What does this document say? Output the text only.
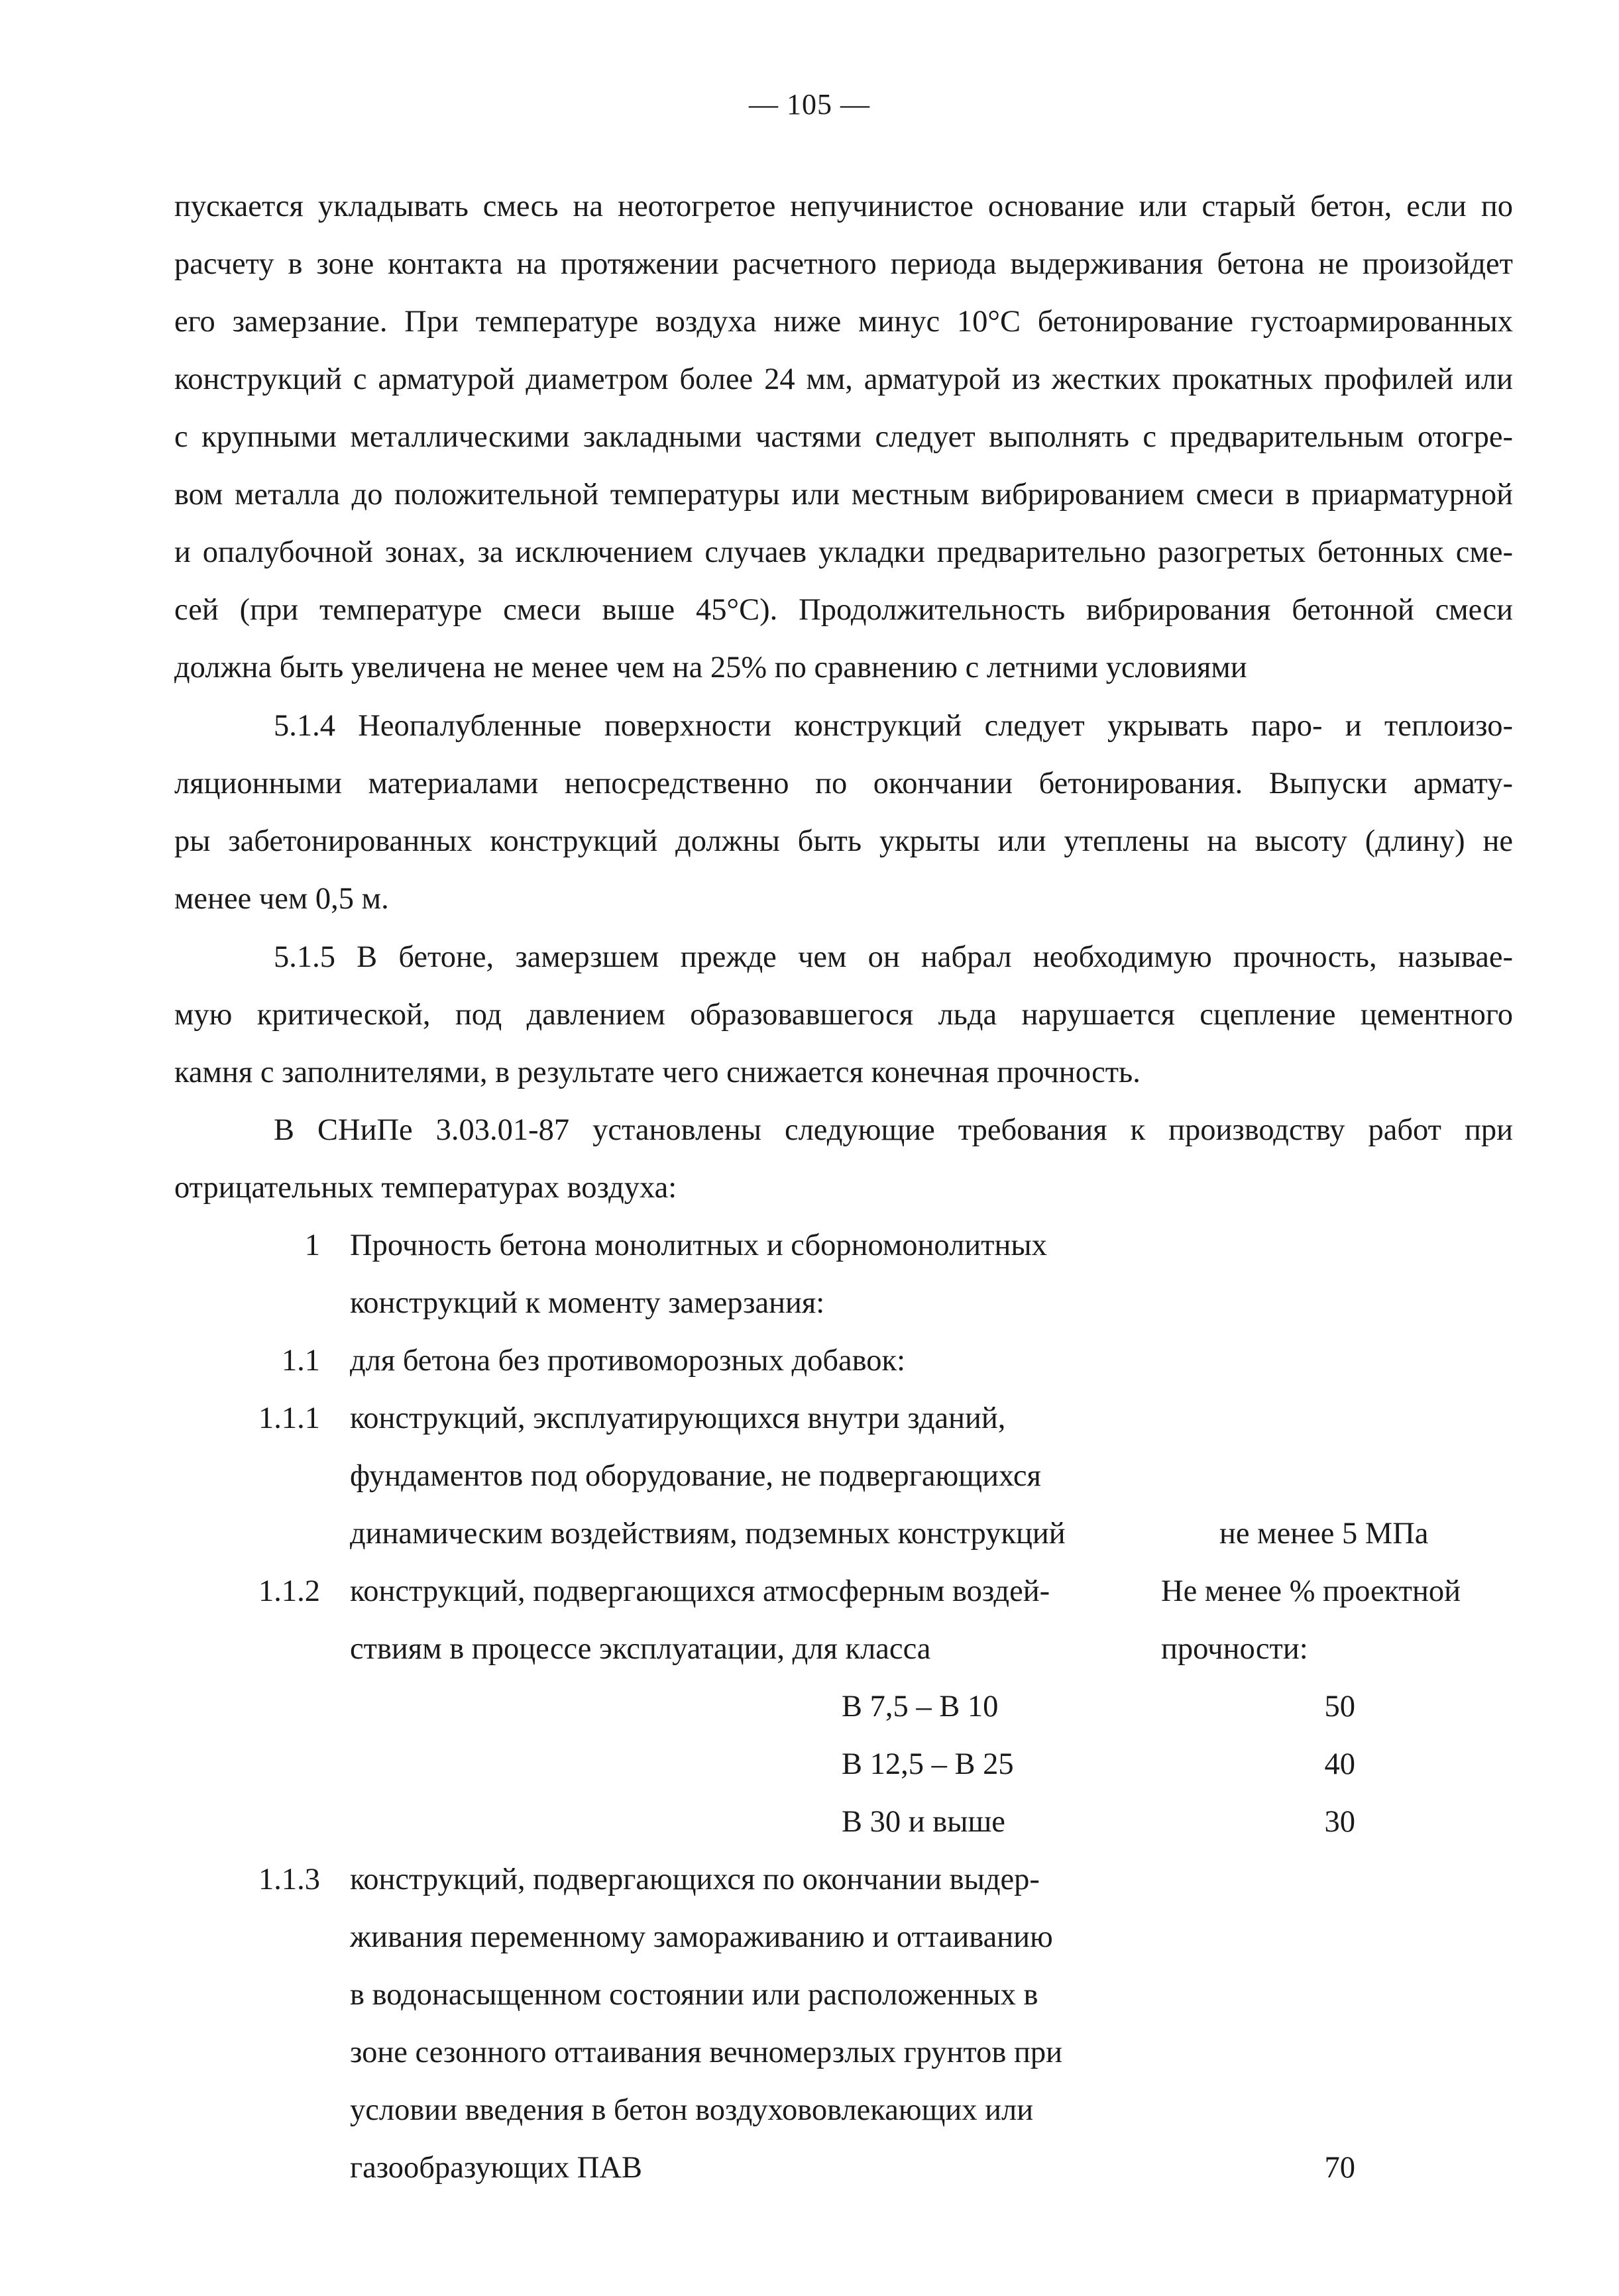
— 105 —
пускается укладывать смесь на неотогретое непучинистое основание или старый бетон, если по
расчету в зоне контакта на протяжении расчетного периода выдерживания бетона не произойдет
его замерзание. При температуре воздуха ниже минус 10°С бетонирование густоармированных
конструкций с арматурой диаметром более 24 мм, арматурой из жестких прокатных профилей или
с крупными металлическими закладными частями следует выполнять с предварительным отогре-
вом металла до положительной температуры или местным вибрированием смеси в приарматурной
и опалубочной зонах, за исключением случаев укладки предварительно разогретых бетонных сме-
сей (при температуре смеси выше 45°С). Продолжительность вибрирования бетонной смеси
должна быть увеличена не менее чем на 25% по сравнению с летними условиями
5.1.4 Неопалубленные поверхности конструкций следует укрывать паро- и теплоизо-
ляционными материалами непосредственно по окончании бетонирования. Выпуски армату-
ры забетонированных конструкций должны быть укрыты или утеплены на высоту (длину) не
менее чем 0,5 м.
5.1.5 В бетоне, замерзшем прежде чем он набрал необходимую прочность, называе-
мую критической, под давлением образовавшегося льда нарушается сцепление цементного
камня с заполнителями, в результате чего снижается конечная прочность.
В СНиПе 3.03.01-87 установлены следующие требования к производству работ при
отрицательных температурах воздуха:
1 Прочность бетона монолитных и сборномонолитных
конструкций к моменту замерзания:
1.1 для бетона без противоморозных добавок:
1.1.1 конструкций, эксплуатирующихся внутри зданий,
фундаментов под оборудование, не подвергающихся
динамическим воздействиям, подземных конструкций	не менее 5 МПа
1.1.2 конструкций, подвергающихся атмосферным воздей-
ствиям в процессе эксплуатации, для класса
Не менее % проектной
прочности:
В 7,5 – В 10	50
В 12,5 – В 25	40
В 30 и выше	30
1.1.3 конструкций, подвергающихся по окончании выдер-
живания переменному замораживанию и оттаиванию
в водонасыщенном состоянии или расположенных в
зоне сезонного оттаивания вечномерзлых грунтов при
условии введения в бетон воздухововлекающих или
газообразующих ПАВ	70
